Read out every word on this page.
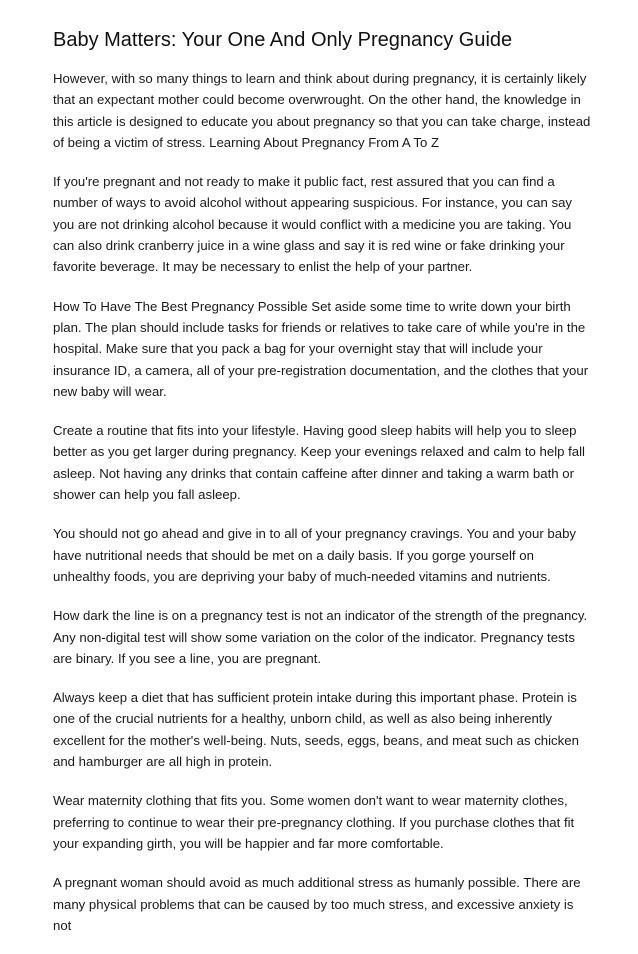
Baby Matters: Your One And Only Pregnancy Guide

However, with so many things to learn and think about during pregnancy, it is certainly likely that an expectant mother could become overwrought. On the other hand, the knowledge in this article is designed to educate you about pregnancy so that you can take charge, instead of being a victim of stress. Learning About Pregnancy From A To Z

If you're pregnant and not ready to make it public fact, rest assured that you can find a number of ways to avoid alcohol without appearing suspicious. For instance, you can say you are not drinking alcohol because it would conflict with a medicine you are taking. You can also drink cranberry juice in a wine glass and say it is red wine or fake drinking your favorite beverage. It may be necessary to enlist the help of your partner.

How To Have The Best Pregnancy Possible Set aside some time to write down your birth plan. The plan should include tasks for friends or relatives to take care of while you're in the hospital. Make sure that you pack a bag for your overnight stay that will include your insurance ID, a camera, all of your pre-registration documentation, and the clothes that your new baby will wear.

Create a routine that fits into your lifestyle. Having good sleep habits will help you to sleep better as you get larger during pregnancy. Keep your evenings relaxed and calm to help fall asleep. Not having any drinks that contain caffeine after dinner and taking a warm bath or shower can help you fall asleep.

You should not go ahead and give in to all of your pregnancy cravings. You and your baby have nutritional needs that should be met on a daily basis. If you gorge yourself on unhealthy foods, you are depriving your baby of much-needed vitamins and nutrients.

How dark the line is on a pregnancy test is not an indicator of the strength of the pregnancy. Any non-digital test will show some variation on the color of the indicator. Pregnancy tests are binary. If you see a line, you are pregnant.

Always keep a diet that has sufficient protein intake during this important phase. Protein is one of the crucial nutrients for a healthy, unborn child, as well as also being inherently excellent for the mother's well-being. Nuts, seeds, eggs, beans, and meat such as chicken and hamburger are all high in protein.

Wear maternity clothing that fits you. Some women don't want to wear maternity clothes, preferring to continue to wear their pre-pregnancy clothing. If you purchase clothes that fit your expanding girth, you will be happier and far more comfortable.

A pregnant woman should avoid as much additional stress as humanly possible. There are many physical problems that can be caused by too much stress, and excessive anxiety is not
